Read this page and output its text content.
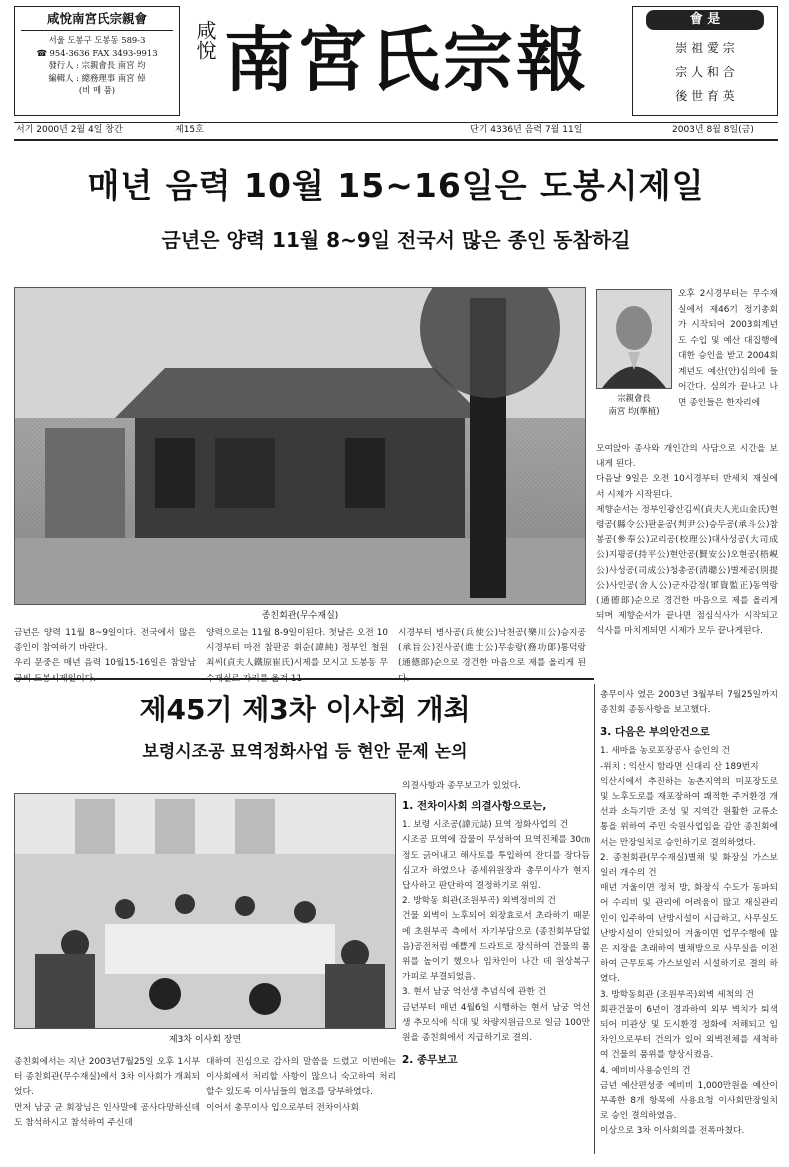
咸悅南宮氏宗親會
서울 도봉구 도봉동 589-3
☎ 954-3636 FAX 3493-9913
發行人 : 宗親會長 南宮 均
編輯人 : 總務理事 南宮 倬
(비 매 품)
咸悅 南宮氏宗報	會 是
崇 祖 愛 宗
宗 人 和 合
後 世 育 英
서기 2000년 2월 4일 창간	제15호	단기 4336년 음력 7월 11일	2003년 8월 8일(금)
매년 음력 10월 15~16일은 도봉시제일
금년은 양력 11월 8~9일 전국서 많은 종인 동참하길
종친회관(무수재실)
宗親會長
南宮 均(準植)
오후 2시경부터는 무수재실에서 제46기 정기총회가 시작되어 2003회계년도 수입 및 예산 대집행에 대한 승인을 받고 2004회계년도 예산(안)심의에 들어간다. 심의가 끝나고 나면 종인들은 한자리에
모여앉아 종사와 개인간의 사담으로 시간을 보내게 된다.
다음날 9일은 오전 10시경부터 반세치 재실에서 시제가 시작된다.
제향순서는 정부인광산김씨(貞夫人光山金氏)현령공(縣令公)판윤공(判尹公)승두공(承斗公)참봉공(參奉公)교리공(校理公)대사성공(大司成公)지평공(持平公)현안공(賢安公)오현공(梧峴公)사성공(司成公)청총공(淸聰公)별제공(別提公)사인공(舍人公)군자감정(軍資監正)동역랑(通德郞)순으로 경건한 마음으로 제를 올리게 되며 제향순서가 끝나면 점심식사가 시작되고 식사를 마치게되면 시제가 모두 끝나게된다.
금년은 양력 11월 8~9일이다. 전국에서 많은 종인이 참여하기 바란다.
우리 문중은 매년 음력 10월15-16일은 참알남궁씨 도봉시제일이다.
양력으로는 11월 8-9일이된다. 첫날은 오전 10시경부터 마전 참판공 휘순(諱純) 정부인 철원최씨(貞夫人鐵原崔氏)시제를 모시고 도봉동 무수재실로 자리를 옮겨 11
시경부터 병사공(兵使公)낙천공(樂川公)승지공(承旨公)진사공(進士公)무송랑(務功郞)통덕랑(通德郞)순으로 경건한 마음으로 제를 올리게 된다.
제45기 제3차 이사회 개최
보령시조공 묘역정화사업 등 현안 문제 논의
제3차 이사회 장면
종친회에서는 지난 2003년7월25일 오후 1시부터 종친회관(무수재실)에서 3차 이사회가 개최되었다.
먼저 남궁 균 회장님은 인사말에 공사다망하신데도 참석하시고 참석하여 주신데
대하여 진심으로 감사의 말씀을 드렸고 이번에는 이사회에서 처리할 사항이 많으니 숙고하여 처리할수 있도록 이사님들의 협조를 당부하였다.
이어서 총무이사 입으로부터 전차이사회
의결사항과 종무보고가 있었다.
1. 전차이사회 의결사항으로는,
1. 보령 시조공(諱元誌) 묘역 정화사업의 건
시조공 묘역에 잡물이 무성하여 묘역진체를 30㎝정도 긁어내고 해사토를 투입하여 잔디를 장다듬 심고자 하였으나 종세위원장과 총무이사가 현지답사하고 판단하여 결정하기로 위임.
2. 방학동 회관(조원부곡) 외벽정비의 건
건물 외벽이 노후되어 외장효로서 초라하기 때문에 초원부곡 측에서 자기부담으로 (종친회부담없음)공전처럼 예쁠게 드라트로 장식하여 건물의 품위를 높이기 했으나 임차인이 나간 데 원상복구 가피로 부결되었음.
3. 현서 남궁 억선생 추념식에 관한 건
금년부터 매년 4월6일 시행하는 현서 남궁 억선생 추모식에 식대 및 차량지원금으로 일금 100만원을 종친회에서 지급하기로 결의.
2. 종무보고
총무이사 였은 2003년 3월부터 7월25일까지 종친회 종동사항을 보고했다.
3. 다음은 부의안건으로
1. 새마을 농로포장공사 승인의 건
-위치 : 익산시 함라면 신대리 산 189번지
익산시에서 추진하는 농촌지역의 미포장도로 및 노후도로를 재포장하여 쾌적한 주거환경 개선과 소득기반 조성 및 지역간 원활한 교류소통을 위하여 주민 숙원사업임을 감안 종친회에서는 만장일치로 승인하기로 결의하였다.
2. 종천회관(무수재실)별채 및 화장실 가스보일러 개수의 건
매년 겨울이면 정처 방, 화장식 수도가 동파되어 수리비 및 관리에 어려움이 많고 재실관리인이 입주하여 난방시설이 시급하고, 사무실도 난방시설이 안되있어 겨울이면 업무수행에 많은 지장을 초래하여 별채방으로 사무실을 이전하여 근무토록 가스보일러 시설하기로 결의 하였다.
3. 방학동회관 (조원부곡)외벽 세척의 건
회관건물이 6년이 경과하여 외부 벽치가 퇴색되어 미관상 및 도시환경 정화에 저해되고 임차인으로부터 건의가 있어 외벽전체를 세척하여 건물의 품위를 향상시켰음.
4. 예비비사용승인의 건
금년 예산편성중 예비비 1,000만원을 예산이 부족한 8개 항목에 사용요청 이사회만장일치로 승인 결의하였음.
이상으로 3차 이사회의를 전폭마쳤다.
